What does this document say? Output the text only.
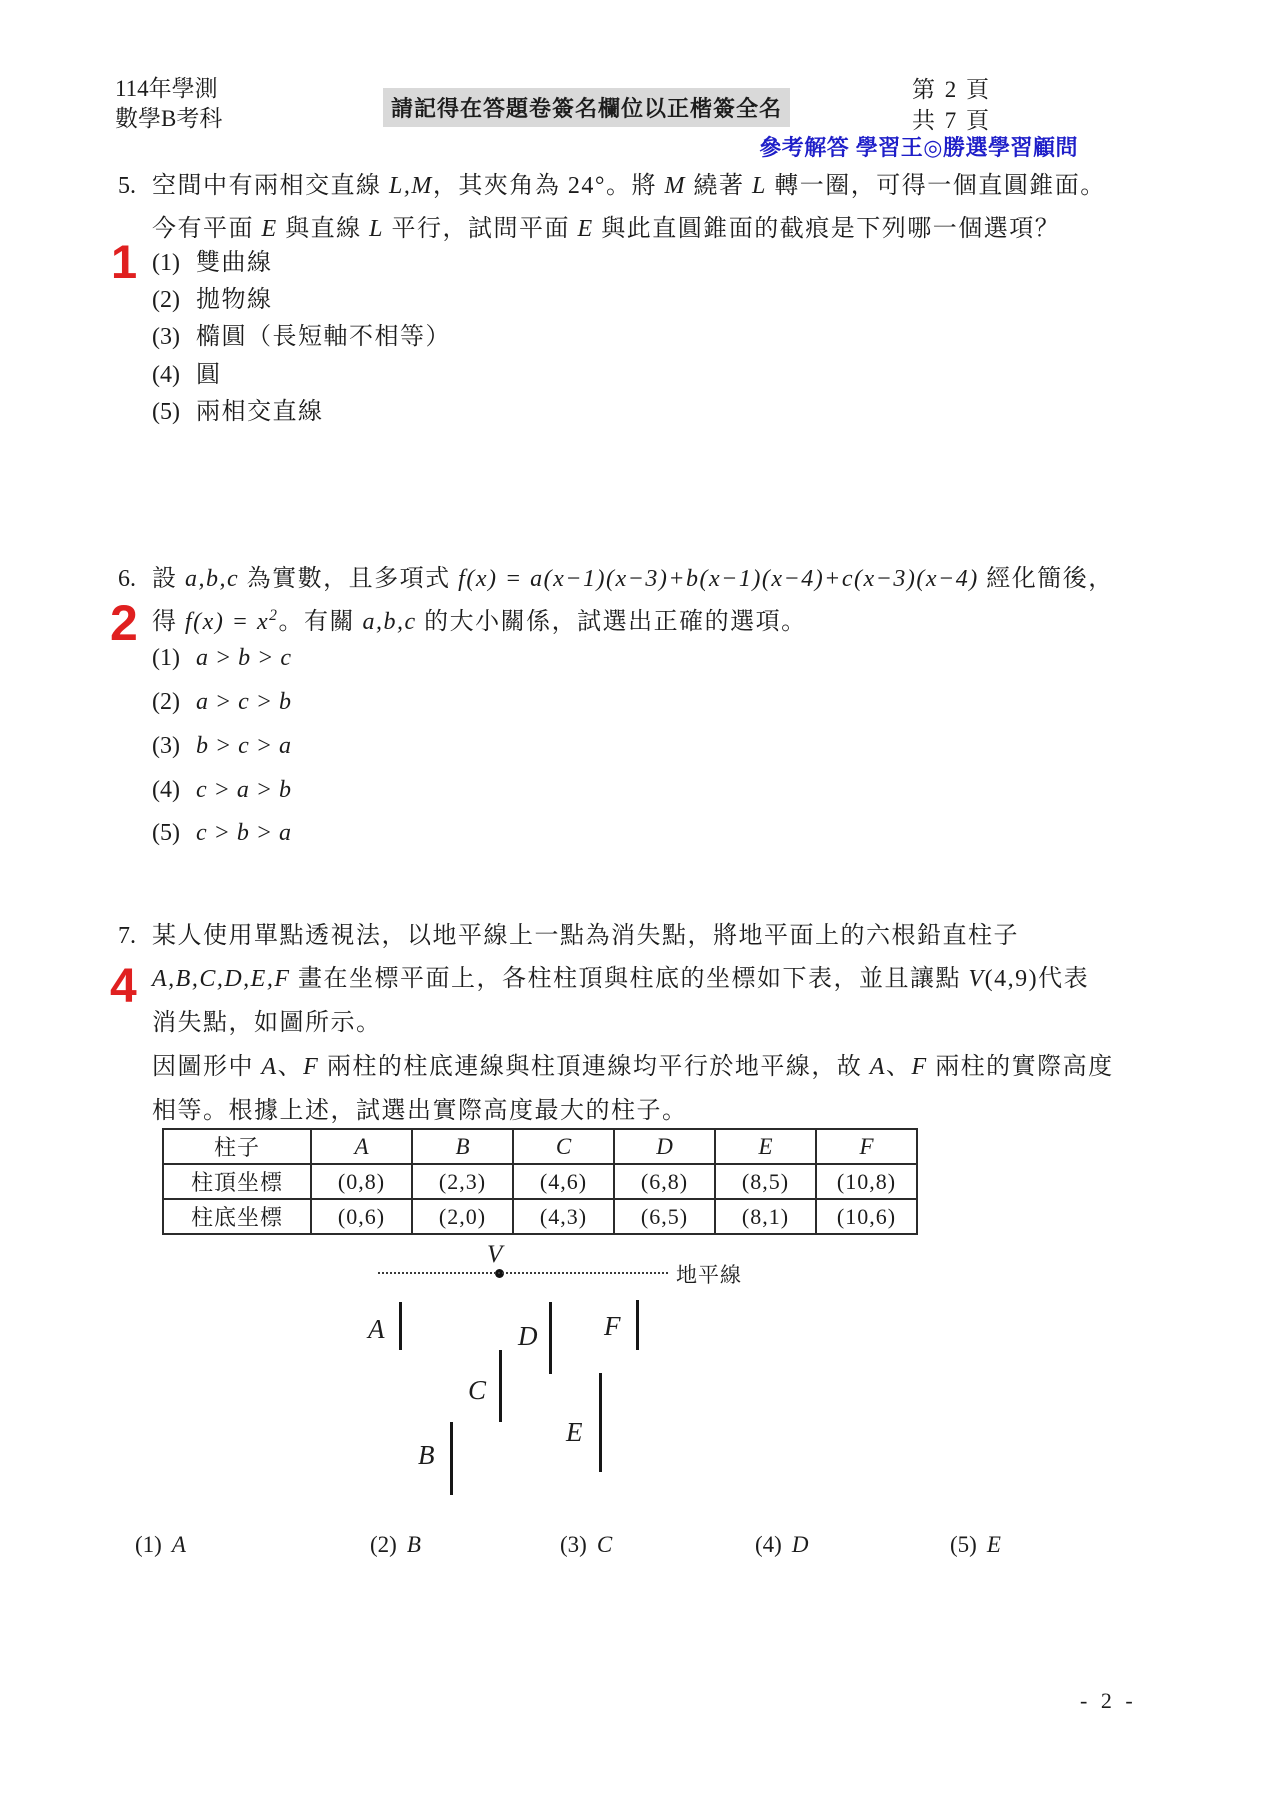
114年學測
數學B考科	請記得在答題卷簽名欄位以正楷簽全名
第 2 頁
共 7 頁
參考解答 學習王◎勝選學習顧問
5. 空間中有兩相交直線 L,M，其夾角為 24°。將 M 繞著 L 轉一圈，可得一個直圓錐面。
今有平面 E 與直線 L 平行，試問平面 E 與此直圓錐面的截痕是下列哪一個選項？
1 (1) 雙曲線
(2) 拋物線
(3) 橢圓（長短軸不相等）
(4) 圓
(5) 兩相交直線
6. 設 a,b,c 為實數，且多項式 f(x) = a(x−1)(x−3)+b(x−1)(x−4)+c(x−3)(x−4) 經化簡後，
得 $f(x) = x^2$。有關 a,b,c 的大小關係，試選出正確的選項。
2
(1) a > b > c
(2) a > c > b
(3) b > c > a
(4) c > a > b
(5) c > b > a
7. 某人使用單點透視法，以地平線上一點為消失點，將地平面上的六根鉛直柱子
A,B,C,D,E,F 畫在坐標平面上，各柱柱頂與柱底的坐標如下表，並且讓點 V(4,9)代表
4
消失點，如圖所示。
因圖形中 A、F 兩柱的柱底連線與柱頂連線均平行於地平線，故 A、F 兩柱的實際高度
相等。根據上述，試選出實際高度最大的柱子。
柱子	A	B	C	D	E	F
柱頂坐標	(0,8)	(2,3)	(4,6)	(6,8)	(8,5)	(10,8)
柱底坐標	(0,6)	(2,0)	(4,3)	(6,5)	(8,1)	(10,6)
V
地平線
A
B
C
D
E
F
(1) A	(2) B	(3) C	(4) D	(5) E
- 2 -
